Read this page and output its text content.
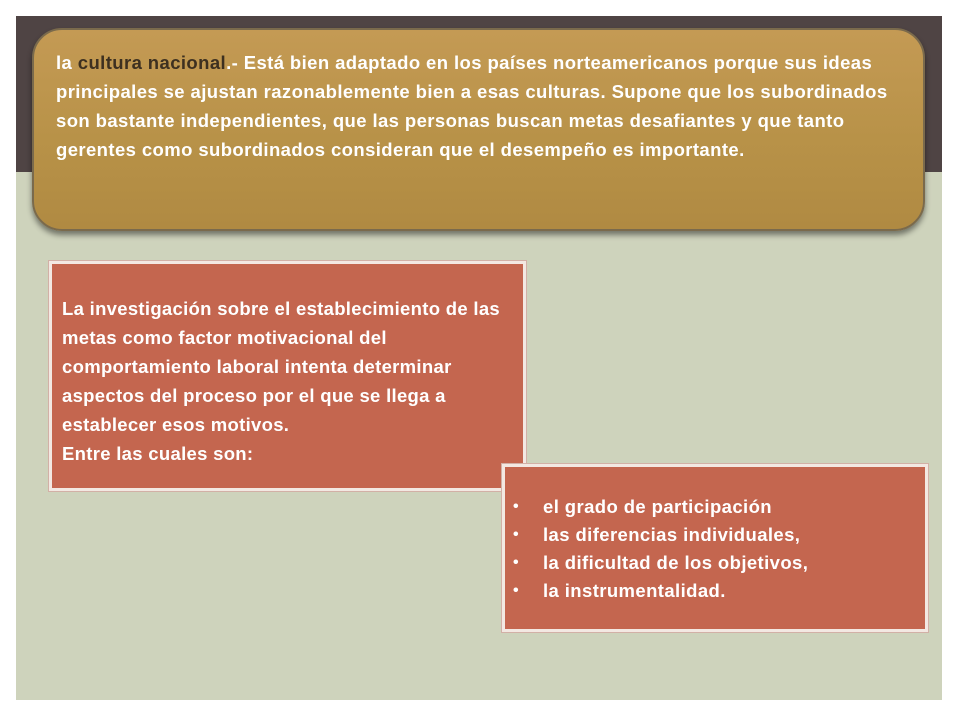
la cultura nacional.- Está bien adaptado en los países norteamericanos porque sus ideas principales se ajustan razonablemente bien a esas culturas. Supone que los subordinados son bastante independientes, que las personas buscan metas desafiantes y que tanto gerentes como subordinados consideran que el desempeño es importante.
La investigación sobre el establecimiento de las metas como factor motivacional del comportamiento laboral intenta determinar aspectos del proceso por el que se llega a establecer esos motivos.
Entre las cuales son:
• el grado de participación
• las diferencias individuales,
• la dificultad de los objetivos,
• la instrumentalidad.
